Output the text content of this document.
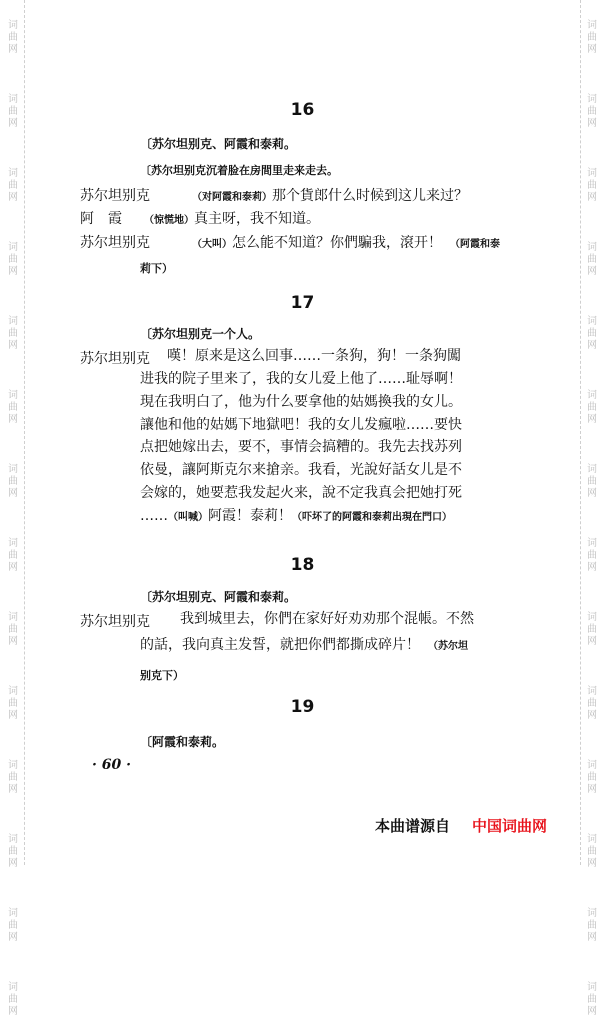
词
曲
网
词
曲
网
词
曲
网
词
曲
网
词
曲
网
词
曲
网
词
曲
网
词
曲
网
词
曲
网
词
曲
网
词
曲
网
词
曲
网
词
曲
网
词
曲
网
词
曲
网
词
曲
网
词
曲
网
词
曲
网
词
曲
网
词
曲
网
词
曲
网
词
曲
网
词
曲
网
词
曲
网
词
曲
网
词
曲
网
词
曲
网
词
曲
网
16
〔苏尔坦别克、阿霞和泰莉。
〔苏尔坦别克沉着脸在房間里走来走去。
苏尔坦别克	（对阿霞和泰莉）那个貨郎什么时候到这儿来过？
阿　霞 （惊慌地）真主呀，我不知道。
苏尔坦别克	（大叫）怎么能不知道？你們騙我，滾开！ （阿霞和泰
莉下）
17
〔苏尔坦别克一个人。
苏尔坦别克 嘆！原来是这么回事……一条狗，狗！一条狗闖
进我的院子里来了，我的女儿爱上他了……耻辱啊！
現在我明白了，他为什么要拿他的姑媽換我的女儿。
讓他和他的姑媽下地獄吧！我的女儿发瘋啦……要快
点把她嫁出去，要不，事情会搞糟的。我先去找苏列
依曼，讓阿斯克尔来搶亲。我看，光說好話女儿是不
会嫁的，她要惹我发起火来，說不定我真会把她打死
……（叫喊）阿霞！泰莉！（吓坏了的阿霞和泰莉出現在門口）
18
〔苏尔坦别克、阿霞和泰莉。
苏尔坦别克 我到城里去，你們在家好好劝劝那个混帳。不然
的話，我向真主发誓，就把你們都撕成碎片！ （苏尔坦
别克下）
19
〔阿霞和泰莉。
· 60 ·
本曲谱源自 中国词曲网
